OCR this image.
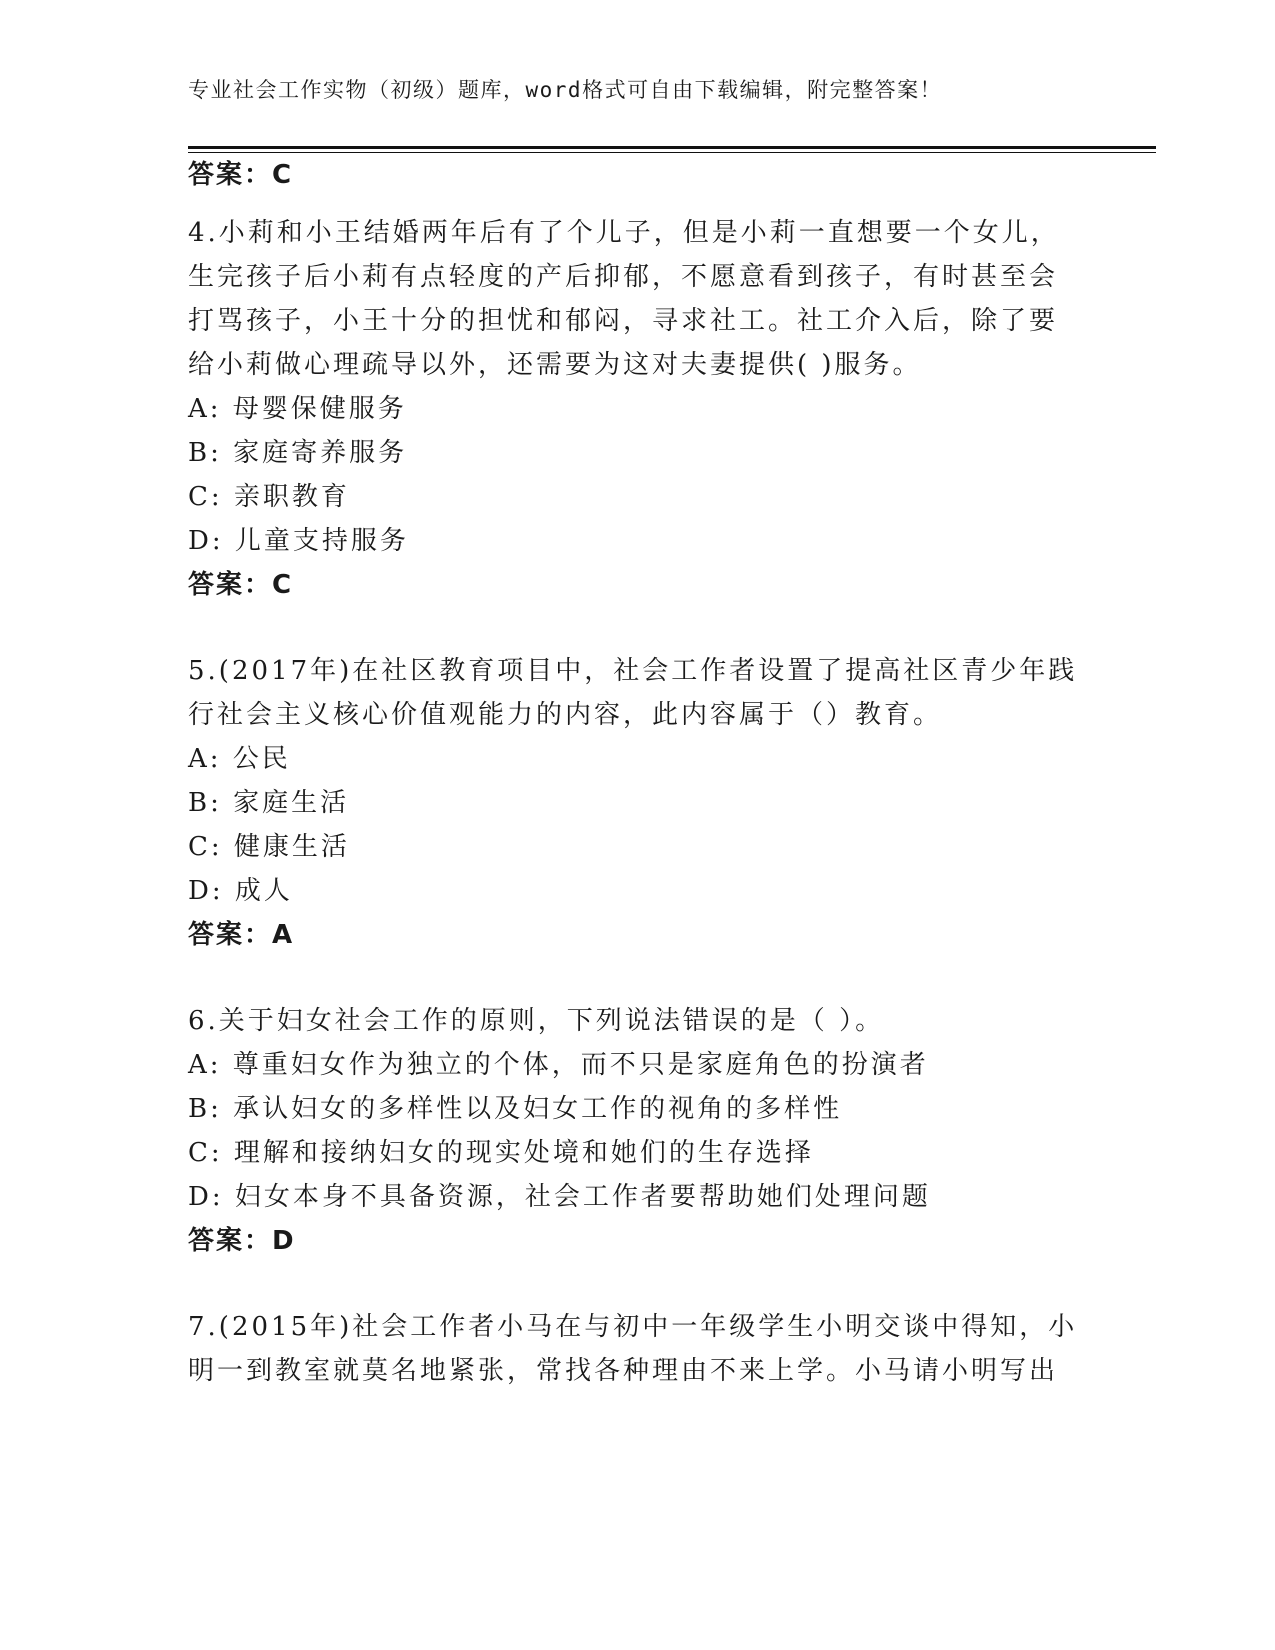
专业社会工作实物（初级）题库，word格式可自由下载编辑，附完整答案！
答案：C
4.小莉和小王结婚两年后有了个儿子，但是小莉一直想要一个女儿，
生完孩子后小莉有点轻度的产后抑郁，不愿意看到孩子，有时甚至会
打骂孩子，小王十分的担忧和郁闷，寻求社工。社工介入后，除了要
给小莉做心理疏导以外，还需要为这对夫妻提供( )服务。
A: 母婴保健服务
B: 家庭寄养服务
C: 亲职教育
D: 儿童支持服务
答案：C
5.(2017年)在社区教育项目中，社会工作者设置了提高社区青少年践
行社会主义核心价值观能力的内容，此内容属于（）教育。
A: 公民
B: 家庭生活
C: 健康生活
D: 成人
答案：A
6.关于妇女社会工作的原则，下列说法错误的是（ ）。
A: 尊重妇女作为独立的个体，而不只是家庭角色的扮演者
B: 承认妇女的多样性以及妇女工作的视角的多样性
C: 理解和接纳妇女的现实处境和她们的生存选择
D: 妇女本身不具备资源，社会工作者要帮助她们处理问题
答案：D
7.(2015年)社会工作者小马在与初中一年级学生小明交谈中得知，小
明一到教室就莫名地紧张，常找各种理由不来上学。小马请小明写出
